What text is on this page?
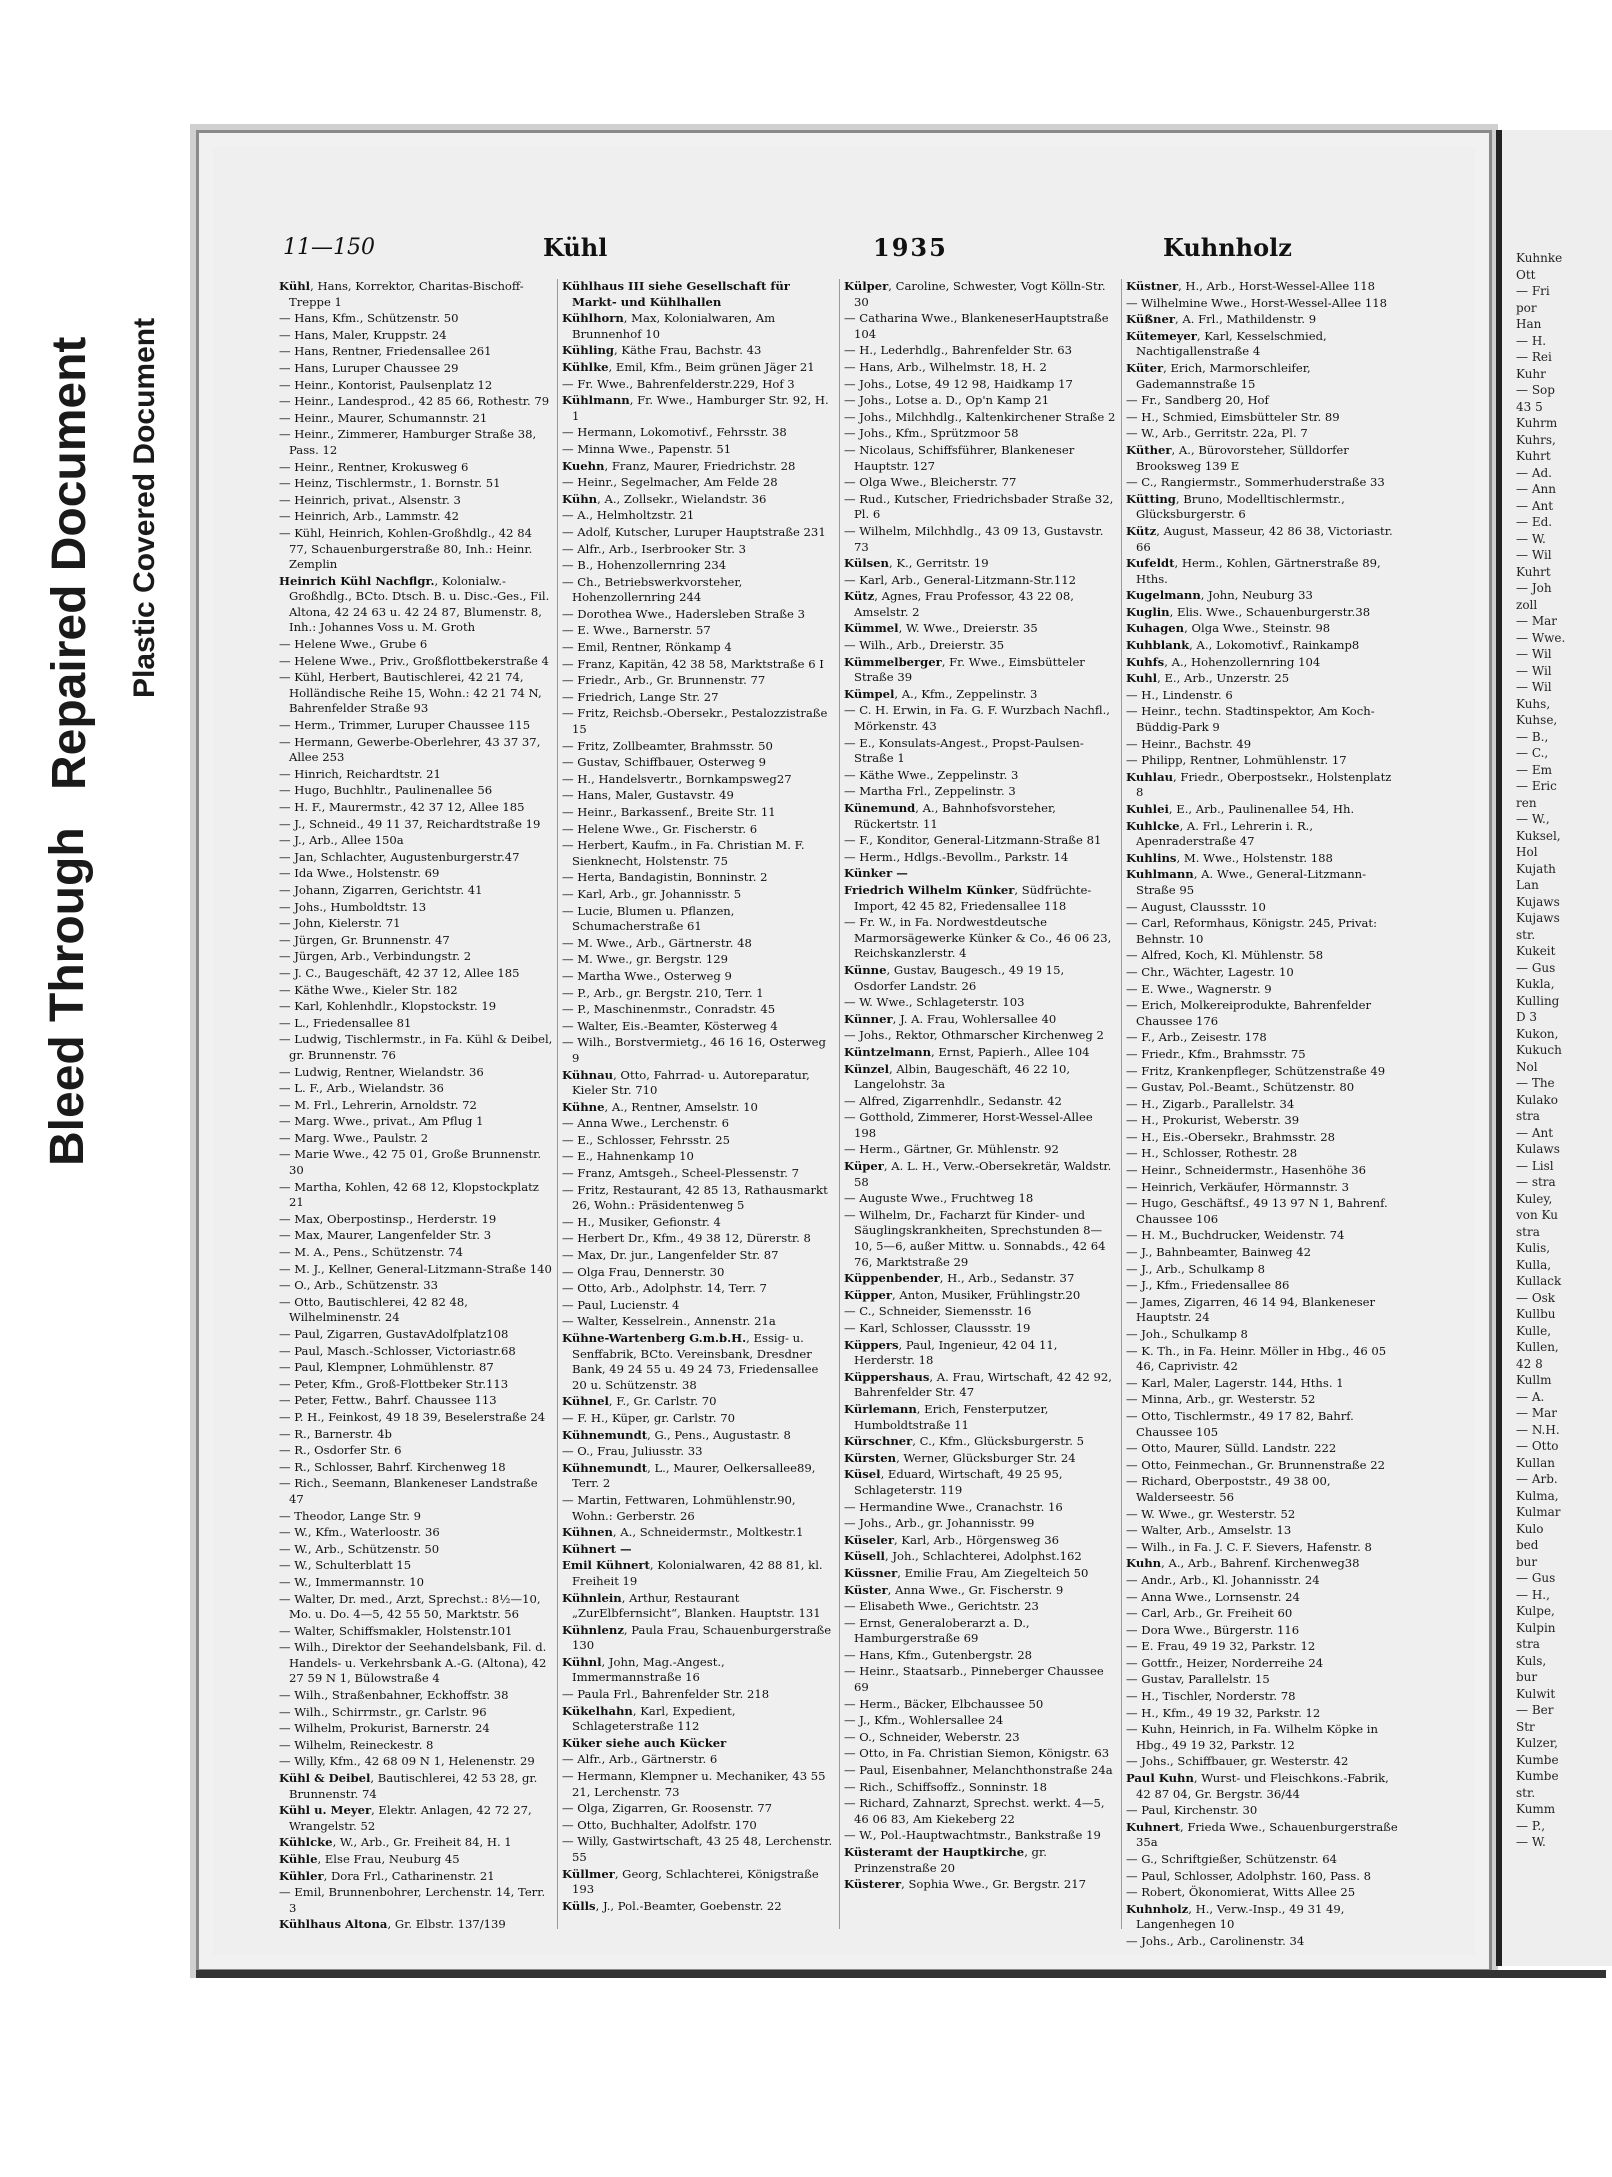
Bleed Through
Repaired Document Plastic Covered Document
11—150	Kühl	1935	Kuhnholz
Kühl, Hans, Korrektor, Charitas-Bischoff-Treppe 1
— Hans, Kfm., Schützenstr. 50
— Hans, Maler, Kruppstr. 24
— Hans, Rentner, Friedensallee 261
— Hans, Luruper Chaussee 29
— Heinr., Kontorist, Paulsenplatz 12
— Heinr., Landesprod., 42 85 66, Rothestr. 79
— Heinr., Maurer, Schumannstr. 21
— Heinr., Zimmerer, Hamburger Straße 38, Pass. 12
— Heinr., Rentner, Krokusweg 6
— Heinz, Tischlermstr., 1. Bornstr. 51
— Heinrich, privat., Alsenstr. 3
— Heinrich, Arb., Lammstr. 42
— Kühl, Heinrich, Kohlen-Großhdlg., 42 84 77, Schauenburgerstraße 80, Inh.: Heinr. Zemplin
Heinrich Kühl Nachflgr., Kolonialw.-Großhdlg., BCto. Dtsch. B. u. Disc.-Ges., Fil. Altona, 42 24 63 u. 42 24 87, Blumenstr. 8, Inh.: Johannes Voss u. M. Groth
— Helene Wwe., Grube 6
— Helene Wwe., Priv., Großflottbekerstraße 4
— Kühl, Herbert, Bautischlerei, 42 21 74, Holländische Reihe 15, Wohn.: 42 21 74 N, Bahrenfelder Straße 93
— Herm., Trimmer, Luruper Chaussee 115
— Hermann, Gewerbe-Oberlehrer, 43 37 37, Allee 253
— Hinrich, Reichardtstr. 21
— Hugo, Buchhltr., Paulinenallee 56
— H. F., Maurermstr., 42 37 12, Allee 185
— J., Schneid., 49 11 37, Reichardtstraße 19
— J., Arb., Allee 150a
— Jan, Schlachter, Augustenburgerstr.47
— Ida Wwe., Holstenstr. 69
— Johann, Zigarren, Gerichtstr. 41
— Johs., Humboldtstr. 13
— John, Kielerstr. 71
— Jürgen, Gr. Brunnenstr. 47
— Jürgen, Arb., Verbindungstr. 2
— J. C., Baugeschäft, 42 37 12, Allee 185
— Käthe Wwe., Kieler Str. 182
— Karl, Kohlenhdlr., Klopstockstr. 19
— L., Friedensallee 81
— Ludwig, Tischlermstr., in Fa. Kühl & Deibel, gr. Brunnenstr. 76
— Ludwig, Rentner, Wielandstr. 36
— L. F., Arb., Wielandstr. 36
— M. Frl., Lehrerin, Arnoldstr. 72
— Marg. Wwe., privat., Am Pflug 1
— Marg. Wwe., Paulstr. 2
— Marie Wwe., 42 75 01, Große Brunnenstr. 30
— Martha, Kohlen, 42 68 12, Klopstockplatz 21
— Max, Oberpostinsp., Herderstr. 19
— Max, Maurer, Langenfelder Str. 3
— M. A., Pens., Schützenstr. 74
— M. J., Kellner, General-Litzmann-Straße 140
— O., Arb., Schützenstr. 33
— Otto, Bautischlerei, 42 82 48, Wilhelminenstr. 24
— Paul, Zigarren, GustavAdolfplatz108
— Paul, Masch.-Schlosser, Victoriastr.68
— Paul, Klempner, Lohmühlenstr. 87
— Peter, Kfm., Groß-Flottbeker Str.113
— Peter, Fettw., Bahrf. Chaussee 113
— P. H., Feinkost, 49 18 39, Beselerstraße 24
— R., Barnerstr. 4b
— R., Osdorfer Str. 6
— R., Schlosser, Bahrf. Kirchenweg 18
— Rich., Seemann, Blankeneser Landstraße 47
— Theodor, Lange Str. 9
— W., Kfm., Waterloostr. 36
— W., Arb., Schützenstr. 50
— W., Schulterblatt 15
— W., Immermannstr. 10
— Walter, Dr. med., Arzt, Sprechst.: 8½—10, Mo. u. Do. 4—5, 42 55 50, Marktstr. 56
— Walter, Schiffsmakler, Holstenstr.101
— Wilh., Direktor der Seehandelsbank, Fil. d. Handels- u. Verkehrsbank A.-G. (Altona), 42 27 59 N 1, Bülowstraße 4
— Wilh., Straßenbahner, Eckhoffstr. 38
— Wilh., Schirrmstr., gr. Carlstr. 96
— Wilhelm, Prokurist, Barnerstr. 24
— Wilhelm, Reineckestr. 8
— Willy, Kfm., 42 68 09 N 1, Helenenstr. 29
Kühl & Deibel, Bautischlerei, 42 53 28, gr. Brunnenstr. 74
Kühl u. Meyer, Elektr. Anlagen, 42 72 27, Wrangelstr. 52
Kühlcke, W., Arb., Gr. Freiheit 84, H. 1
Kühle, Else Frau, Neuburg 45
Kühler, Dora Frl., Catharinenstr. 21
— Emil, Brunnenbohrer, Lerchenstr. 14, Terr. 3
Kühlhaus Altona, Gr. Elbstr. 137/139
Kühlhaus III siehe Gesellschaft für Markt- und Kühlhallen
Kühlhorn, Max, Kolonialwaren, Am Brunnenhof 10
Kühling, Käthe Frau, Bachstr. 43
Kühlke, Emil, Kfm., Beim grünen Jäger 21
— Fr. Wwe., Bahrenfelderstr.229, Hof 3
Kühlmann, Fr. Wwe., Hamburger Str. 92, H. 1
— Hermann, Lokomotivf., Fehrsstr. 38
— Minna Wwe., Papenstr. 51
Kuehn, Franz, Maurer, Friedrichstr. 28
— Heinr., Segelmacher, Am Felde 28
Kühn, A., Zollsekr., Wielandstr. 36
— A., Helmholtzstr. 21
— Adolf, Kutscher, Luruper Hauptstraße 231
— Alfr., Arb., Iserbrooker Str. 3
— B., Hohenzollernring 234
— Ch., Betriebswerkvorsteher, Hohenzollernring 244
— Dorothea Wwe., Hadersleben Straße 3
— E. Wwe., Barnerstr. 57
— Emil, Rentner, Rönkamp 4
— Franz, Kapitän, 42 38 58, Marktstraße 6 I
— Friedr., Arb., Gr. Brunnenstr. 77
— Friedrich, Lange Str. 27
— Fritz, Reichsb.-Obersekr., Pestalozzistraße 15
— Fritz, Zollbeamter, Brahmsstr. 50
— Gustav, Schiffbauer, Osterweg 9
— H., Handelsvertr., Bornkampsweg27
— Hans, Maler, Gustavstr. 49
— Heinr., Barkassenf., Breite Str. 11
— Helene Wwe., Gr. Fischerstr. 6
— Herbert, Kaufm., in Fa. Christian M. F. Sienknecht, Holstenstr. 75
— Herta, Bandagistin, Bonninstr. 2
— Karl, Arb., gr. Johannisstr. 5
— Lucie, Blumen u. Pflanzen, Schumacherstraße 61
— M. Wwe., Arb., Gärtnerstr. 48
— M. Wwe., gr. Bergstr. 129
— Martha Wwe., Osterweg 9
— P., Arb., gr. Bergstr. 210, Terr. 1
— P., Maschinenmstr., Conradstr. 45
— Walter, Eis.-Beamter, Kösterweg 4
— Wilh., Borstvermietg., 46 16 16, Osterweg 9
Kühnau, Otto, Fahrrad- u. Autoreparatur, Kieler Str. 710
Kühne, A., Rentner, Amselstr. 10
— Anna Wwe., Lerchenstr. 6
— E., Schlosser, Fehrsstr. 25
— E., Hahnenkamp 10
— Franz, Amtsgeh., Scheel-Plessenstr. 7
— Fritz, Restaurant, 42 85 13, Rathausmarkt 26, Wohn.: Präsidentenweg 5
— H., Musiker, Gefionstr. 4
— Herbert Dr., Kfm., 49 38 12, Dürerstr. 8
— Max, Dr. jur., Langenfelder Str. 87
— Olga Frau, Dennerstr. 30
— Otto, Arb., Adolphstr. 14, Terr. 7
— Paul, Lucienstr. 4
— Walter, Kesselrein., Annenstr. 21a
Kühne-Wartenberg G.m.b.H., Essig- u. Senffabrik, BCto. Vereinsbank, Dresdner Bank, 49 24 55 u. 49 24 73, Friedensallee 20 u. Schützenstr. 38
Kühnel, F., Gr. Carlstr. 70
— F. H., Küper, gr. Carlstr. 70
Kühnemundt, G., Pens., Augustastr. 8
— O., Frau, Juliusstr. 33
Kühnemundt, L., Maurer, Oelkersallee89, Terr. 2
— Martin, Fettwaren, Lohmühlenstr.90, Wohn.: Gerberstr. 26
Kühnen, A., Schneidermstr., Moltkestr.1
Kühnert —
Emil Kühnert, Kolonialwaren, 42 88 81, kl. Freiheit 19
Kühnlein, Arthur, Restaurant „ZurElbfernsicht“, Blanken. Hauptstr. 131
Kühnlenz, Paula Frau, Schauenburgerstraße 130
Kühnl, John, Mag.-Angest., Immermannstraße 16
— Paula Frl., Bahrenfelder Str. 218
Kükelhahn, Karl, Expedient, Schlageterstraße 112
Küker siehe auch Kücker
— Alfr., Arb., Gärtnerstr. 6
— Hermann, Klempner u. Mechaniker, 43 55 21, Lerchenstr. 73
— Olga, Zigarren, Gr. Roosenstr. 77
— Otto, Buchhalter, Adolfstr. 170
— Willy, Gastwirtschaft, 43 25 48, Lerchenstr. 55
Küllmer, Georg, Schlachterei, Königstraße 193
Külls, J., Pol.-Beamter, Goebenstr. 22
Külper, Caroline, Schwester, Vogt Kölln-Str. 30
— Catharina Wwe., BlankeneserHauptstraße 104
— H., Lederhdlg., Bahrenfelder Str. 63
— Hans, Arb., Wilhelmstr. 18, H. 2
— Johs., Lotse, 49 12 98, Haidkamp 17
— Johs., Lotse a. D., Op'n Kamp 21
— Johs., Milchhdlg., Kaltenkirchener Straße 2
— Johs., Kfm., Sprützmoor 58
— Nicolaus, Schiffsführer, Blankeneser Hauptstr. 127
— Olga Wwe., Bleicherstr. 77
— Rud., Kutscher, Friedrichsbader Straße 32, Pl. 6
— Wilhelm, Milchhdlg., 43 09 13, Gustavstr. 73
Külsen, K., Gerritstr. 19
— Karl, Arb., General-Litzmann-Str.112
Kütz, Agnes, Frau Professor, 43 22 08, Amselstr. 2
Kümmel, W. Wwe., Dreierstr. 35
— Wilh., Arb., Dreierstr. 35
Kümmelberger, Fr. Wwe., Eimsbütteler Straße 39
Kümpel, A., Kfm., Zeppelinstr. 3
— C. H. Erwin, in Fa. G. F. Wurzbach Nachfl., Mörkenstr. 43
— E., Konsulats-Angest., Propst-Paulsen-Straße 1
— Käthe Wwe., Zeppelinstr. 3
— Martha Frl., Zeppelinstr. 3
Künemund, A., Bahnhofsvorsteher, Rückertstr. 11
— F., Konditor, General-Litzmann-Straße 81
— Herm., Hdlgs.-Bevollm., Parkstr. 14
Künker —
Friedrich Wilhelm Künker, Südfrüchte-Import, 42 45 82, Friedensallee 118
— Fr. W., in Fa. Nordwestdeutsche Marmorsägewerke Künker & Co., 46 06 23, Reichskanzlerstr. 4
Künne, Gustav, Baugesch., 49 19 15, Osdorfer Landstr. 26
— W. Wwe., Schlageterstr. 103
Künner, J. A. Frau, Wohlersallee 40
— Johs., Rektor, Othmarscher Kirchenweg 2
Küntzelmann, Ernst, Papierh., Allee 104
Künzel, Albin, Baugeschäft, 46 22 10, Langelohstr. 3a
— Alfred, Zigarrenhdlr., Sedanstr. 42
— Gotthold, Zimmerer, Horst-Wessel-Allee 198
— Herm., Gärtner, Gr. Mühlenstr. 92
Küper, A. L. H., Verw.-Obersekretär, Waldstr. 58
— Auguste Wwe., Fruchtweg 18
— Wilhelm, Dr., Facharzt für Kinder- und Säuglingskrankheiten, Sprechstunden 8—10, 5—6, außer Mittw. u. Sonnabds., 42 64 76, Marktstraße 29
Küppenbender, H., Arb., Sedanstr. 37
Küpper, Anton, Musiker, Frühlingstr.20
— C., Schneider, Siemensstr. 16
— Karl, Schlosser, Claussstr. 19
Küppers, Paul, Ingenieur, 42 04 11, Herderstr. 18
Küppershaus, A. Frau, Wirtschaft, 42 42 92, Bahrenfelder Str. 47
Kürlemann, Erich, Fensterputzer, Humboldtstraße 11
Kürschner, C., Kfm., Glücksburgerstr. 5
Kürsten, Werner, Glücksburger Str. 24
Küsel, Eduard, Wirtschaft, 49 25 95, Schlageterstr. 119
— Hermandine Wwe., Cranachstr. 16
— Johs., Arb., gr. Johannisstr. 99
Küseler, Karl, Arb., Hörgensweg 36
Küsell, Joh., Schlachterei, Adolphst.162
Küssner, Emilie Frau, Am Ziegelteich 50
Küster, Anna Wwe., Gr. Fischerstr. 9
— Elisabeth Wwe., Gerichtstr. 23
— Ernst, Generaloberarzt a. D., Hamburgerstraße 69
— Hans, Kfm., Gutenbergstr. 28
— Heinr., Staatsarb., Pinneberger Chaussee 69
— Herm., Bäcker, Elbchaussee 50
— J., Kfm., Wohlersallee 24
— O., Schneider, Weberstr. 23
— Otto, in Fa. Christian Siemon, Königstr. 63
— Paul, Eisenbahner, Melanchthonstraße 24a
— Rich., Schiffsoffz., Sonninstr. 18
— Richard, Zahnarzt, Sprechst. werkt. 4—5, 46 06 83, Am Kiekeberg 22
— W., Pol.-Hauptwachtmstr., Bankstraße 19
Küsteramt der Hauptkirche, gr. Prinzenstraße 20
Küsterer, Sophia Wwe., Gr. Bergstr. 217
Küstner, H., Arb., Horst-Wessel-Allee 118
— Wilhelmine Wwe., Horst-Wessel-Allee 118
Küßner, A. Frl., Mathildenstr. 9
Kütemeyer, Karl, Kesselschmied, Nachtigallenstraße 4
Küter, Erich, Marmorschleifer, Gademannstraße 15
— Fr., Sandberg 20, Hof
— H., Schmied, Eimsbütteler Str. 89
— W., Arb., Gerritstr. 22a, Pl. 7
Küther, A., Bürovorsteher, Sülldorfer Brooksweg 139 E
— C., Rangiermstr., Sommerhuderstraße 33
Kütting, Bruno, Modelltischlermstr., Glücksburgerstr. 6
Kütz, August, Masseur, 42 86 38, Victoriastr. 66
Kufeldt, Herm., Kohlen, Gärtnerstraße 89, Hths.
Kugelmann, John, Neuburg 33
Kuglin, Elis. Wwe., Schauenburgerstr.38
Kuhagen, Olga Wwe., Steinstr. 98
Kuhblank, A., Lokomotivf., Rainkamp8
Kuhfs, A., Hohenzollernring 104
Kuhl, E., Arb., Unzerstr. 25
— H., Lindenstr. 6
— Heinr., techn. Stadtinspektor, Am Koch-Büddig-Park 9
— Heinr., Bachstr. 49
— Philipp, Rentner, Lohmühlenstr. 17
Kuhlau, Friedr., Oberpostsekr., Holstenplatz 8
Kuhlei, E., Arb., Paulinenallee 54, Hh.
Kuhlcke, A. Frl., Lehrerin i. R., Apenraderstraße 47
Kuhlins, M. Wwe., Holstenstr. 188
Kuhlmann, A. Wwe., General-Litzmann-Straße 95
— August, Claussstr. 10
— Carl, Reformhaus, Königstr. 245, Privat: Behnstr. 10
— Alfred, Koch, Kl. Mühlenstr. 58
— Chr., Wächter, Lagestr. 10
— E. Wwe., Wagnerstr. 9
— Erich, Molkereiprodukte, Bahrenfelder Chaussee 176
— F., Arb., Zeisestr. 178
— Friedr., Kfm., Brahmsstr. 75
— Fritz, Krankenpfleger, Schützenstraße 49
— Gustav, Pol.-Beamt., Schützenstr. 80
— H., Zigarb., Parallelstr. 34
— H., Prokurist, Weberstr. 39
— H., Eis.-Obersekr., Brahmsstr. 28
— H., Schlosser, Rothestr. 28
— Heinr., Schneidermstr., Hasenhöhe 36
— Heinrich, Verkäufer, Hörmannstr. 3
— Hugo, Geschäftsf., 49 13 97 N 1, Bahrenf. Chaussee 106
— H. M., Buchdrucker, Weidenstr. 74
— J., Bahnbeamter, Bainweg 42
— J., Arb., Schulkamp 8
— J., Kfm., Friedensallee 86
— James, Zigarren, 46 14 94, Blankeneser Hauptstr. 24
— Joh., Schulkamp 8
— K. Th., in Fa. Heinr. Möller in Hbg., 46 05 46, Caprivistr. 42
— Karl, Maler, Lagerstr. 144, Hths. 1
— Minna, Arb., gr. Westerstr. 52
— Otto, Tischlermstr., 49 17 82, Bahrf. Chaussee 105
— Otto, Maurer, Sülld. Landstr. 222
— Otto, Feinmechan., Gr. Brunnenstraße 22
— Richard, Oberpoststr., 49 38 00, Walderseestr. 56
— W. Wwe., gr. Westerstr. 52
— Walter, Arb., Amselstr. 13
— Wilh., in Fa. J. C. F. Sievers, Hafenstr. 8
Kuhn, A., Arb., Bahrenf. Kirchenweg38
— Andr., Arb., Kl. Johannisstr. 24
— Anna Wwe., Lornsenstr. 24
— Carl, Arb., Gr. Freiheit 60
— Dora Wwe., Bürgerstr. 116
— E. Frau, 49 19 32, Parkstr. 12
— Gottfr., Heizer, Norderreihe 24
— Gustav, Parallelstr. 15
— H., Tischler, Norderstr. 78
— H., Kfm., 49 19 32, Parkstr. 12
— Kuhn, Heinrich, in Fa. Wilhelm Köpke in Hbg., 49 19 32, Parkstr. 12
— Johs., Schiffbauer, gr. Westerstr. 42
Paul Kuhn, Wurst- und Fleischkons.-Fabrik, 42 87 04, Gr. Bergstr. 36/44
— Paul, Kirchenstr. 30
Kuhnert, Frieda Wwe., Schauenburgerstraße 35a
— G., Schriftgießer, Schützenstr. 64
— Paul, Schlosser, Adolphstr. 160, Pass. 8
— Robert, Ökonomierat, Witts Allee 25
Kuhnholz, H., Verw.-Insp., 49 31 49, Langenhegen 10
— Johs., Arb., Carolinenstr. 34
Kuhnke
Ott
— Fri
por
Han
— H.
— Rei
Kuhr
— Sop
43 5
Kuhrm
Kuhrs,
Kuhrt
— Ad.
— Ann
— Ant
— Ed.
— W.
— Wil
Kuhrt
— Joh
zoll
— Mar
— Wwe.
— Wil
— Wil
— Wil
Kuhs,
Kuhse,
— B.,
— C.,
— Em
— Eric
ren
— W.,
Kuksel,
Hol
Kujath
Lan
Kujaws
Kujaws
str.
Kukeit
— Gus
Kukla,
Kulling
D 3
Kukon,
Kukuch
Nol
— The
Kulako
stra
— Ant
Kulaws
— Lisl
— stra
Kuley,
von Ku
stra
Kulis,
Kulla,
Kullack
— Osk
Kullbu
Kulle,
Kullen,
42 8
Kullm
— A.
— Mar
— N.H.
— Otto
Kullan
— Arb.
Kulma,
Kulmar
Kulo
bed
bur
— Gus
— H.,
Kulpe,
Kulpin
stra
Kuls,
bur
Kulwit
— Ber
Str
Kulzer,
Kumbe
Kumbe
str.
Kumm
— P.,
— W.
